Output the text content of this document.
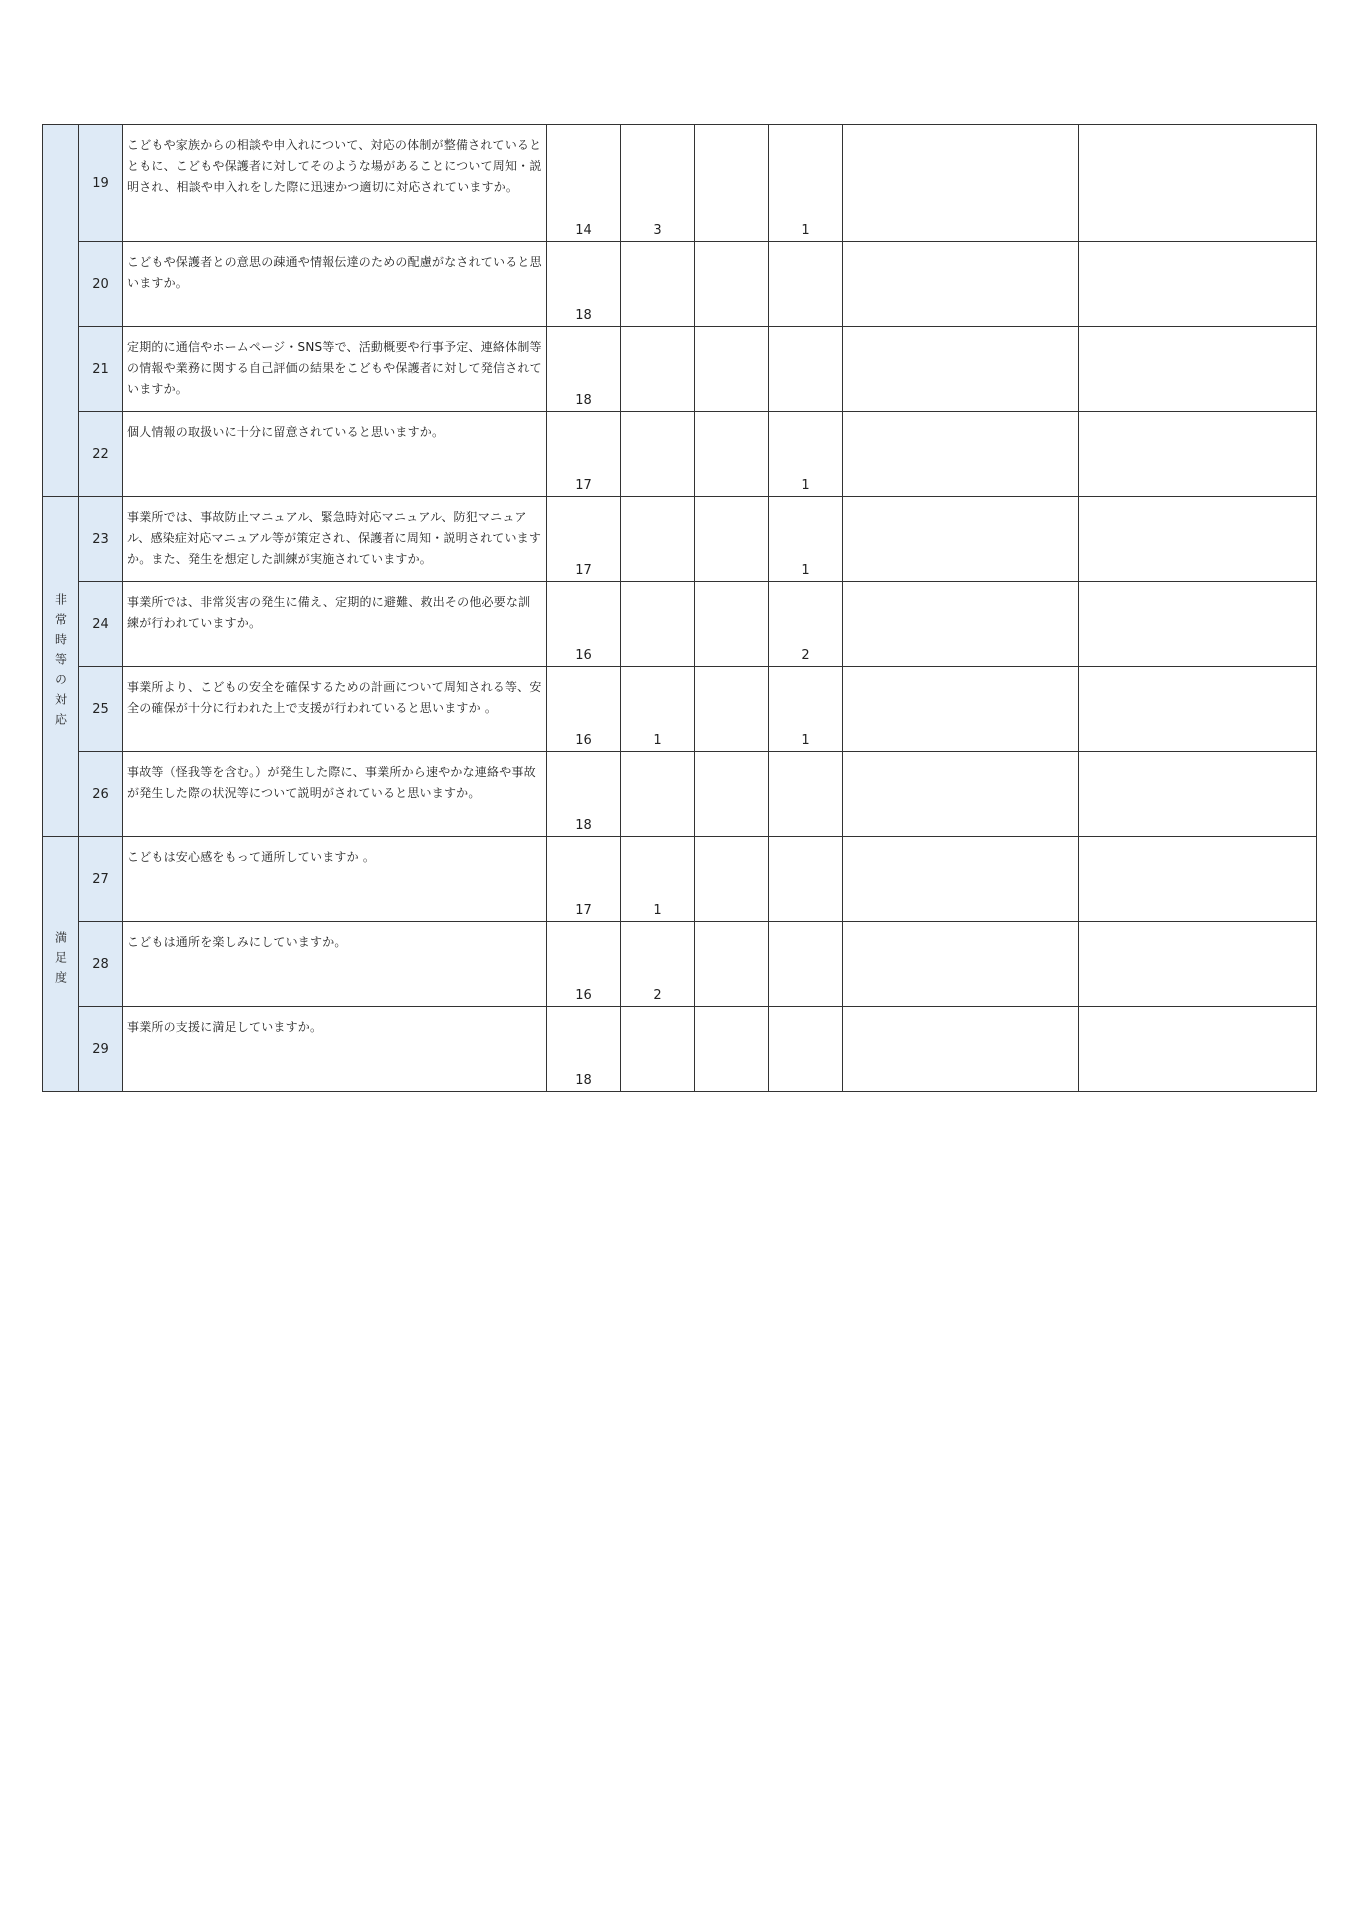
	19	こどもや家族からの相談や申入れについて、対応の体制が整備されているとともに、こどもや保護者に対してそのような場があることについて周知・説明され、相談や申入れをした際に迅速かつ適切に対応されていますか。	14	3		1		
	20	こどもや保護者との意思の疎通や情報伝達のための配慮がなされていると思いますか。	18					
	21	定期的に通信やホームページ・SNS等で、活動概要や行事予定、連絡体制等の情報や業務に関する自己評価の結果をこどもや保護者に対して発信されていますか。	18					
	22	個人情報の取扱いに十分に留意されていると思いますか。	17			1		
非常時等の対応	23	事業所では、事故防止マニュアル、緊急時対応マニュアル、防犯マニュアル、感染症対応マニュアル等が策定され、保護者に周知・説明されていますか。また、発生を想定した訓練が実施されていますか。	17			1		
	24	事業所では、非常災害の発生に備え、定期的に避難、救出その他必要な訓練が行われていますか。	16			2		
	25	事業所より、こどもの安全を確保するための計画について周知される等、安全の確保が十分に行われた上で支援が行われていると思いますか 。	16	1		1		
	26	事故等（怪我等を含む。）が発生した際に、事業所から速やかな連絡や事故が発生した際の状況等について説明がされていると思いますか。	18					
満足度	27	こどもは安心感をもって通所していますか 。	17	1				
	28	こどもは通所を楽しみにしていますか。	16	2				
	29	事業所の支援に満足していますか。	18					
